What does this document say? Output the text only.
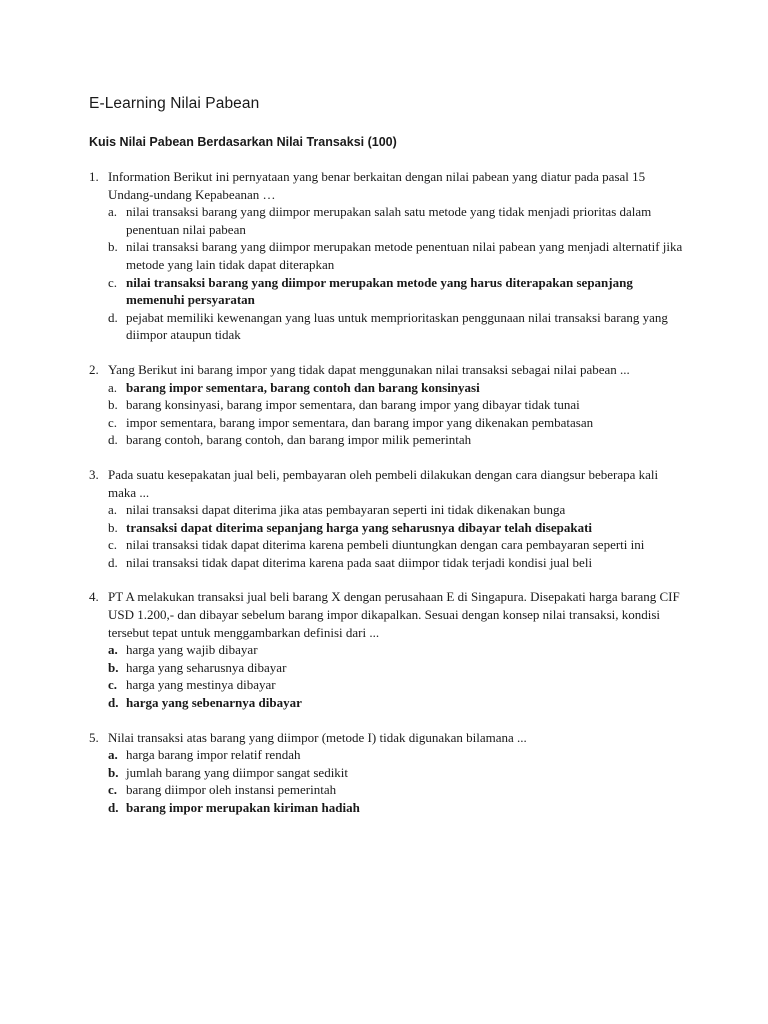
E-Learning Nilai Pabean
Kuis Nilai Pabean Berdasarkan Nilai Transaksi (100)
1. Information Berikut ini pernyataan yang benar berkaitan dengan nilai pabean yang diatur pada pasal 15 Undang-undang Kepabeanan …
a. nilai transaksi barang yang diimpor merupakan salah satu metode yang tidak menjadi prioritas dalam penentuan nilai pabean
b. nilai transaksi barang yang diimpor merupakan metode penentuan nilai pabean yang menjadi alternatif jika metode yang lain tidak dapat diterapkan
c. nilai transaksi barang yang diimpor merupakan metode yang harus diterapakan sepanjang memenuhi persyaratan
d. pejabat memiliki kewenangan yang luas untuk memprioritaskan penggunaan nilai transaksi barang yang diimpor ataupun tidak
2. Yang Berikut ini barang impor yang tidak dapat menggunakan nilai transaksi sebagai nilai pabean ...
a. barang impor sementara, barang contoh dan barang konsinyasi
b. barang konsinyasi, barang impor sementara, dan barang impor yang dibayar tidak tunai
c. impor sementara, barang impor sementara, dan barang impor yang dikenakan pembatasan
d. barang contoh, barang contoh, dan barang impor milik pemerintah
3. Pada suatu kesepakatan jual beli, pembayaran oleh pembeli dilakukan dengan cara diangsur beberapa kali maka ...
a. nilai transaksi dapat diterima jika atas pembayaran seperti ini tidak dikenakan bunga
b. transaksi dapat diterima sepanjang harga yang seharusnya dibayar telah disepakati
c. nilai transaksi tidak dapat diterima karena pembeli diuntungkan dengan cara pembayaran seperti ini
d. nilai transaksi tidak dapat diterima karena pada saat diimpor tidak terjadi kondisi jual beli
4. PT A melakukan transaksi jual beli barang X dengan perusahaan E di Singapura. Disepakati harga barang CIF USD 1.200,- dan dibayar sebelum barang impor dikapalkan. Sesuai dengan konsep nilai transaksi, kondisi tersebut tepat untuk menggambarkan definisi dari ...
a. harga yang wajib dibayar
b. harga yang seharusnya dibayar
c. harga yang mestinya dibayar
d. harga yang sebenarnya dibayar
5. Nilai transaksi atas barang yang diimpor (metode I) tidak digunakan bilamana ...
a. harga barang impor relatif rendah
b. jumlah barang yang diimpor sangat sedikit
c. barang diimpor oleh instansi pemerintah
d. barang impor merupakan kiriman hadiah
